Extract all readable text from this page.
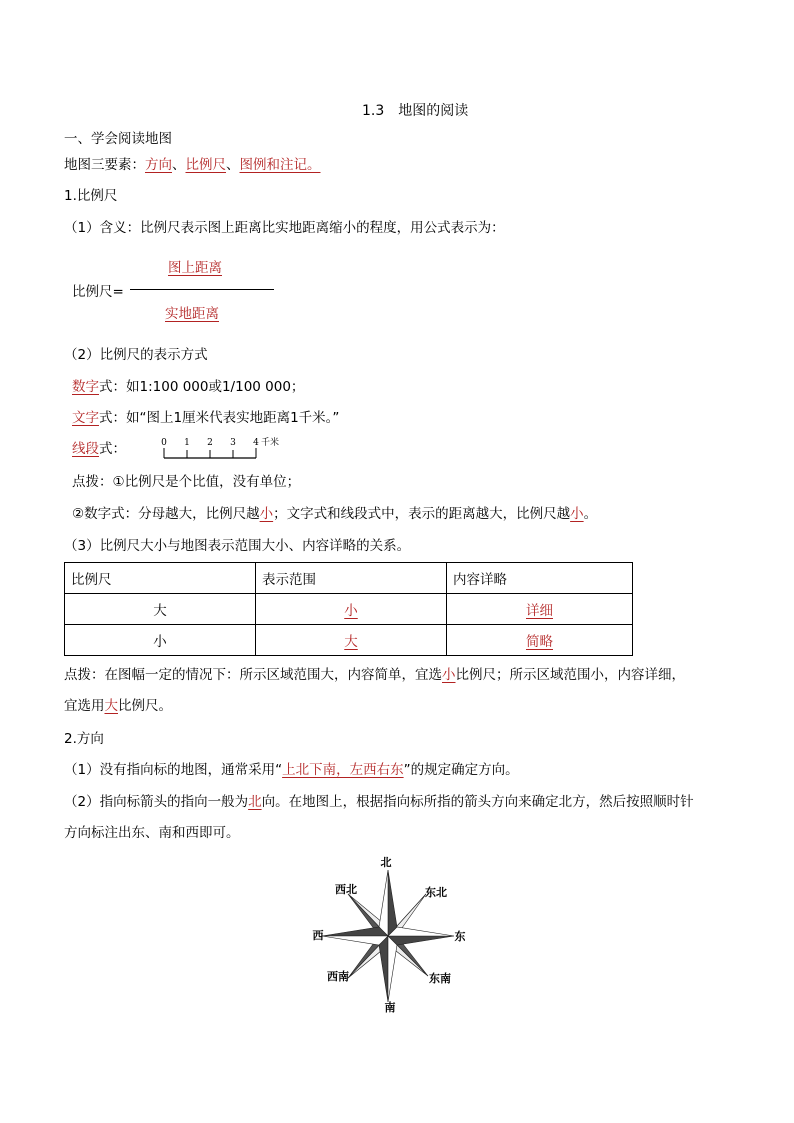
1.3　地图的阅读
一、学会阅读地图
地图三要素：方向、比例尺、图例和注记。
1.比例尺
（1）含义：比例尺表示图上距离比实地距离缩小的程度，用公式表示为：
比例尺=
图上距离
实地距离
（2）比例尺的表示方式
数字式：如1:100 000或1/100 000；
文字式：如“图上1厘米代表实地距离1千米。”
线段式：	0 1 2 3 4 千米
点拨：①比例尺是个比值，没有单位；
②数字式：分母越大，比例尺越小；文字式和线段式中，表示的距离越大，比例尺越小。
（3）比例尺大小与地图表示范围大小、内容详略的关系。
比例尺	表示范围	内容详略
大	小	详细
小	大	简略
点拨：在图幅一定的情况下：所示区域范围大，内容简单，宜选小比例尺；所示区域范围小，内容详细，
宜选用大比例尺。
2.方向
（1）没有指向标的地图，通常采用“上北下南，左西右东”的规定确定方向。
（2）指向标箭头的指向一般为北向。在地图上，根据指向标所指的箭头方向来确定北方，然后按照顺时针
方向标注出东、南和西即可。
北
东北
东
东南
南
西南
西
西北
